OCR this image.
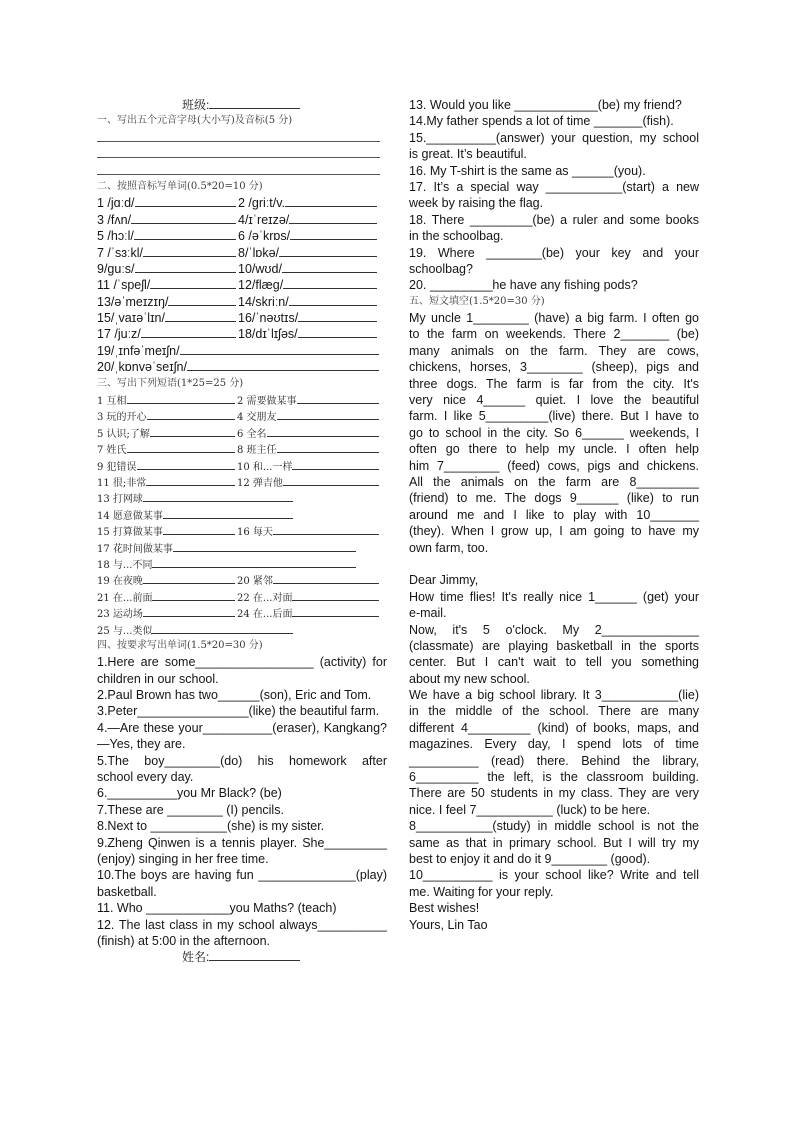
班级:
一、写出五个元音字母(大小写)及音标(5 分)
二、按照音标写单词(0.5*20=10 分)
1 /jɑːd/	2 /griːt/v.
3 /fʌn/	4/ɪˈreɪzə/
5 /hɔːl/	6 /əˈkrɒs/
7 /ˈsɜːkl/	8/ˈlɒkə/
9/guːs/	10/wʊd/
11 /ˈspeʃl/	12/flæg/
13/əˈmeɪzɪŋ/	14/skriːn/
15/ˌvaɪəˈlɪn/	16/ˈnəʊtɪs/
17 /juːz/	18/dɪˈlɪʃəs/
19/ˌɪnfəˈmeɪʃn/
20/ˌkɒnvəˈseɪʃn/
三、写出下列短语(1*25=25 分)
1 互相	2 需要做某事
3 玩的开心	4 交朋友
5 认识;了解	6 全名
7 姓氏	8 班主任
9 犯错误	10 和...一样
11 很;非常	12 弹吉他
13 打网球
14 愿意做某事
15 打算做某事	16 每天
17 花时间做某事
18 与...不同
19 在夜晚	20 紧邻
21 在...前面	22 在...对面
23 运动场	24 在...后面
25 与...类似
四、按要求写出单词(1.5*20=30 分)
1.Here are some_________________ (activity) for
children in our school.
2.Paul Brown has two______(son), Eric and Tom.
3.Peter________________(like) the beautiful farm.
4.—Are these your__________(eraser), Kangkang?
—Yes, they are.
5.The boy________(do) his homework after
school every day.
6.__________you Mr Black? (be)
7.These are ________ (I) pencils.
8.Next to ___________(she) is my sister.
9.Zheng Qinwen is a tennis player. She_________
(enjoy) singing in her free time.
10.The boys are having fun ______________(play)
basketball.
11. Who ____________you Maths? (teach)
12. The last class in my school always__________
(finish) at 5:00 in the afternoon.
姓名:
13. Would you like ____________(be) my friend?
14.My father spends a lot of time _______(fish).
15.__________(answer) your question, my school
is great. It’s beautiful.
16. My T-shirt is the same as ______(you).
17. It’s a special way ___________(start) a new
week by raising the flag.
18. There _________(be) a ruler and some books
in the schoolbag.
19. Where ________(be) your key and your
schoolbag?
20. _________he have any fishing pods?
五、短文填空(1.5*20=30 分)
My uncle 1________ (have) a big farm. I often go
to the farm on weekends. There 2_______ (be)
many animals on the farm. They are cows,
chickens, horses, 3________ (sheep), pigs and
three dogs. The farm is far from the city. It's
very nice 4______ quiet. I love the beautiful
farm. I like 5_________(live) there. But I have to
go to school in the city. So 6______ weekends, I
often go there to help my uncle. I often help
him 7________ (feed) cows, pigs and chickens.
All the animals on the farm are 8_________
(friend) to me. The dogs 9______ (like) to run
around me and I like to play with 10_______
(they). When I grow up, I am going to have my
own farm, too.

Dear Jimmy,
How time flies! It's really nice 1______ (get) your
e-mail.
Now, it's 5 o'clock. My 2______________
(classmate) are playing basketball in the sports
center. But I can't wait to tell you something
about my new school.
We have a big school library. It 3___________(lie)
in the middle of the school. There are many
different 4_________ (kind) of books, maps, and
magazines. Every day, I spend lots of time
__________ (read) there. Behind the library,
6_________ the left, is the classroom building.
There are 50 students in my class. They are very
nice. I feel 7___________ (luck) to be here.
8___________(study) in middle school is not the
same as that in primary school. But I will try my
best to enjoy it and do it 9________ (good).
10__________ is your school like? Write and tell
me. Waiting for your reply.
Best wishes!
Yours, Lin Tao
